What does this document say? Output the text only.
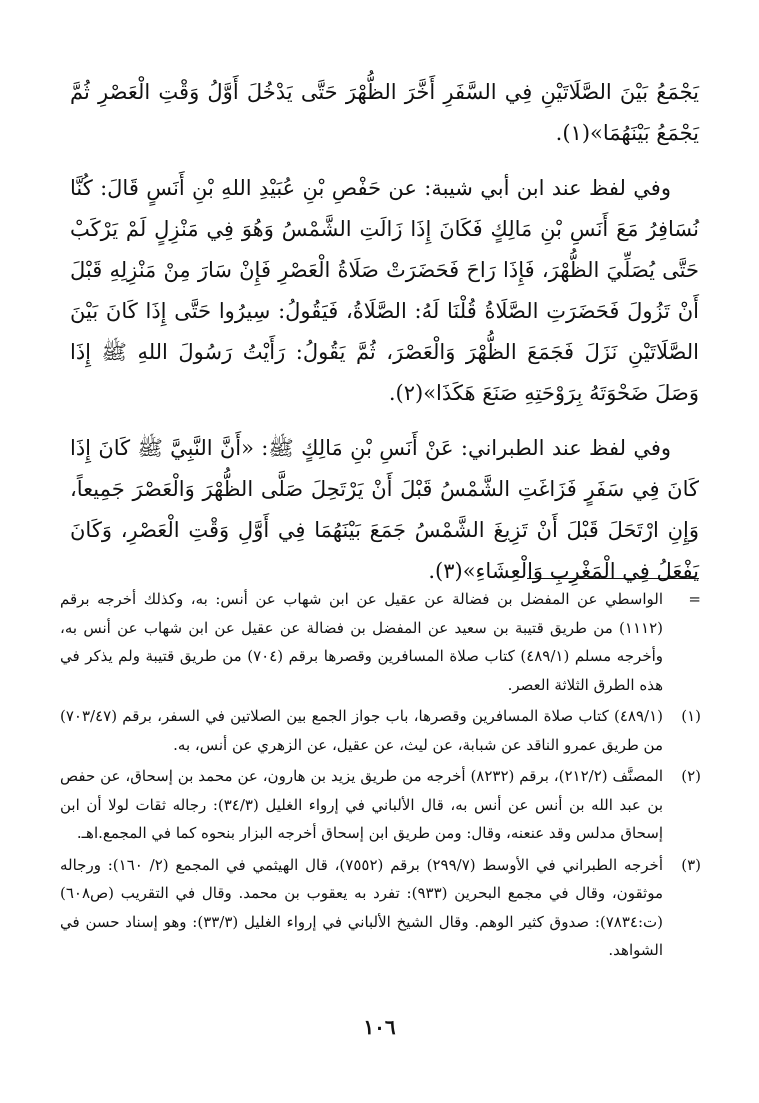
يَجْمَعُ بَيْنَ الصَّلَاتَيْنِ فِي السَّفَرِ أَخَّرَ الظُّهْرَ حَتَّى يَدْخُلَ أَوَّلُ وَقْتِ الْعَصْرِ ثُمَّ يَجْمَعُ بَيْنَهُمَا»(١).

وفي لفظ عند ابن أبي شيبة: عن حَفْصِ بْنِ عُبَيْدِ اللهِ بْنِ أَنَسٍ قَالَ: كُنَّا نُسَافِرُ مَعَ أَنَسِ بْنِ مَالِكٍ فَكَانَ إِذَا زَالَتِ الشَّمْسُ وَهُوَ فِي مَنْزِلٍ لَمْ يَرْكَبْ حَتَّى يُصَلِّيَ الظُّهْرَ، فَإِذَا رَاحَ فَحَضَرَتْ صَلَاةُ الْعَصْرِ فَإِنْ سَارَ مِنْ مَنْزِلِهِ قَبْلَ أَنْ تَزُولَ فَحَضَرَتِ الصَّلَاةُ قُلْنَا لَهُ: الصَّلَاةُ، فَيَقُولُ: سِيرُوا حَتَّى إِذَا كَانَ بَيْنَ الصَّلَاتَيْنِ نَزَلَ فَجَمَعَ الظُّهْرَ وَالْعَصْرَ، ثُمَّ يَقُولُ: رَأَيْتُ رَسُولَ اللهِ ﷺ إِذَا وَصَلَ ضَحْوَتَهُ بِرَوْحَتِهِ صَنَعَ هَكَذَا»(٢).

وفي لفظ عند الطبراني: عَنْ أَنَسِ بْنِ مَالِكٍ ﷺ: «أَنَّ النَّبِيَّ ﷺ كَانَ إِذَا كَانَ فِي سَفَرٍ فَزَاغَتِ الشَّمْسُ قَبْلَ أَنْ يَرْتَحِلَ صَلَّى الظُّهْرَ وَالْعَصْرَ جَمِيعاً، وَإِنِ ارْتَحَلَ قَبْلَ أَنْ تَزِيغَ الشَّمْسُ جَمَعَ بَيْنَهُمَا فِي أَوَّلِ وَقْتِ الْعَصْرِ، وَكَانَ يَفْعَلُ فِي الْمَغْرِبِ وَالْعِشَاءِ»(٣).

=
الواسطي عن المفضل بن فضالة عن عقيل عن ابن شهاب عن أنس: به، وكذلك أخرجه برقم (١١١٢) من طريق قتيبة بن سعيد عن المفضل بن فضالة عن عقيل عن ابن شهاب عن أنس به، وأخرجه مسلم (٤٨٩/١) كتاب صلاة المسافرين وقصرها برقم (٧٠٤) من طريق قتيبة ولم يذكر في هذه الطرق الثلاثة العصر.
(١)
(٤٨٩/١) كتاب صلاة المسافرين وقصرها، باب جواز الجمع بين الصلاتين في السفر، برقم (٧٠٣/٤٧) من طريق عمرو الناقد عن شبابة، عن ليث، عن عقيل، عن الزهري عن أنس، به.
(٢)
المصنَّف (٢١٢/٢)، برقم (٨٢٣٢) أخرجه من طريق يزيد بن هارون، عن محمد بن إسحاق، عن حفص بن عبد الله بن أنس عن أنس به، قال الألباني في إرواء الغليل (٣٤/٣): رجاله ثقات لولا أن ابن إسحاق مدلس وقد عنعنه، وقال: ومن طريق ابن إسحاق أخرجه البزار بنحوه كما في المجمع.اهـ.
(٣)
أخرجه الطبراني في الأوسط (٢٩٩/٧) برقم (٧٥٥٢)، قال الهيثمي في المجمع (٢/ ١٦٠): ورجاله موثقون، وقال في مجمع البحرين (٩٣٣): تفرد به يعقوب بن محمد. وقال في التقريب (ص٦٠٨) (ت:٧٨٣٤): صدوق كثير الوهم. وقال الشيخ الألباني في إرواء الغليل (٣٣/٣): وهو إسناد حسن في الشواهد.
١٠٦
